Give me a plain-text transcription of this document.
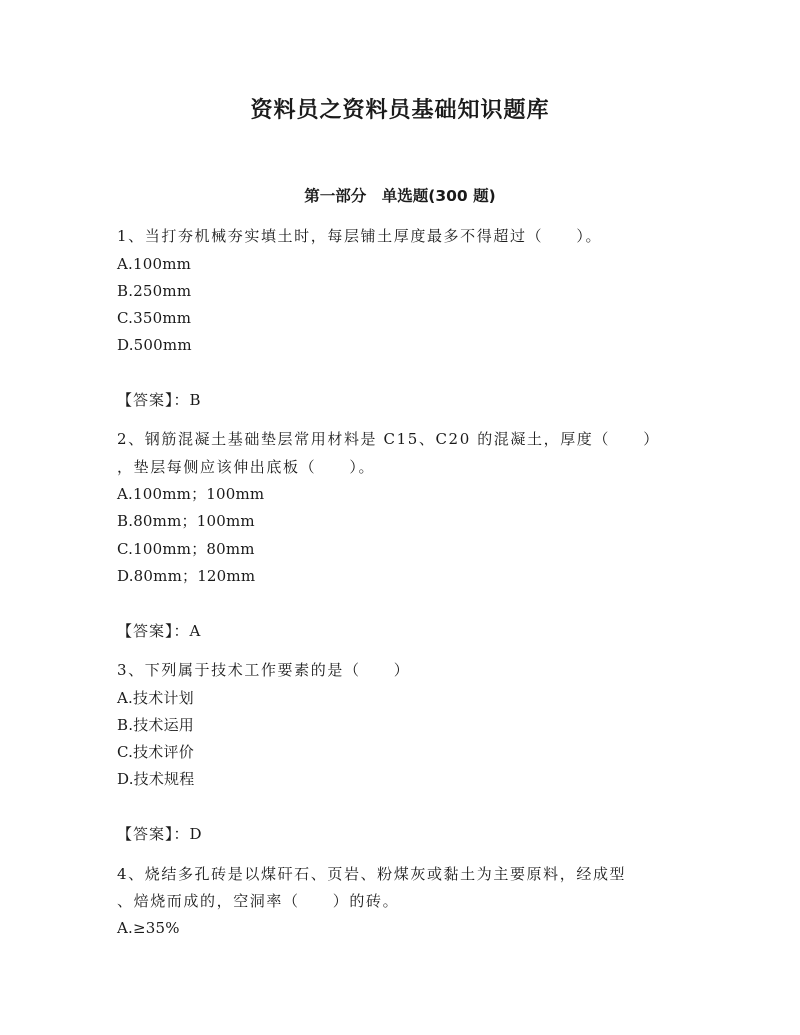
资料员之资料员基础知识题库
第一部分　单选题(300 题)
1、当打夯机械夯实填土时，每层铺土厚度最多不得超过（　　）。
A.100mm
B.250mm
C.350mm
D.500mm
【答案】：B
2、钢筋混凝土基础垫层常用材料是 C15、C20 的混凝土，厚度（　　）
，垫层每侧应该伸出底板（　　）。
A.100mm；100mm
B.80mm；100mm
C.100mm；80mm
D.80mm；120mm
【答案】：A
3、下列属于技术工作要素的是（　　）
A.技术计划
B.技术运用
C.技术评价
D.技术规程
【答案】：D
4、烧结多孔砖是以煤矸石、页岩、粉煤灰或黏土为主要原料，经成型
、焙烧而成的，空洞率（　　）的砖。
A.≥35%
